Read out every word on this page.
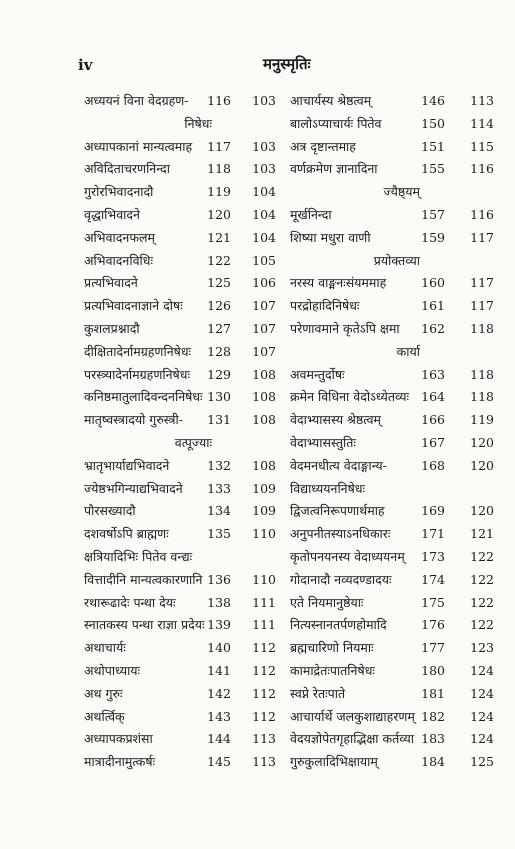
iv	मनुस्मृतिः
अध्ययनं विना वेदग्रहण-	116	103
निषेधः
अध्यापकानां मान्यत्वमाह	117	103
अविदिताचरणनिन्दा	118	103
गुरोरभिवादनादौ	119	104
वृद्धाभिवादने	120	104
अभिवादनफलम्	121	104
अभिवादनविधिः	122	105
प्रत्यभिवादने	125	106
प्रत्यभिवादनाज्ञाने दोषः	126	107
कुशलप्रश्नादौ	127	107
दीक्षितादेर्नामग्रहणनिषेधः	128	107
परस्त्र्यादेर्नामग्रहणनिषेधः	129	108
कनिष्ठमातुलादिवन्दननिषेधः 130	108
मातृष्वस्त्रादयो गुरुस्त्री-	131	108
वत्पूज्याः
भ्रातृभार्याद्यभिवादने	132	108
ज्येष्ठभगिन्याद्यभिवादने	133	109
पौरसख्यादौ	134	109
दशवर्षोऽपि ब्राह्मणः	135	110
क्षत्रियादिभिः पितेव वन्द्यः
वित्तादीनि मान्यत्वकारणानि 136	110
रथारूढादेः पन्था देयः	138	111
स्नातकस्य पन्था राज्ञा प्रदेयः 139	111
अथाचार्यः	140	112
अथोपाध्यायः	141	112
अथ गुरुः	142	112
अथर्त्विक्	143	112
अध्यापकप्रशंसा	144	113
मात्रादीनामुत्कर्षः	145	113
आचार्यस्य श्रेष्ठत्वम्	146	113
बालोऽप्याचार्यः पितेव	150	114
अत्र दृष्टान्तमाह	151	115
वर्णक्रमेण ज्ञानादिना	155	116
ज्यैष्ठ्यम्
मूर्खनिन्दा	157	116
शिष्या मधुरा वाणी	159	117
प्रयोक्तव्या
नरस्य वाङ्मनःसंयममाह	160	117
परद्रोहादिनिषेधः	161	117
परेणावमाने कृतेऽपि क्षमा	162	118
कार्या
अवमन्तुर्दोषः	163	118
क्रमेन विधिना वेदोऽध्येतव्यः 164	118
वेदाभ्यासस्य श्रेष्ठत्वम्	166	119
वेदाभ्यासस्तुतिः	167	120
वेदमनधीत्य वेदाङ्गान्य-	168	120
विद्याध्ययननिषेधः
द्विजत्वनिरूपणार्थमाह	169	120
अनुपनीतस्याऽनधिकारः	171	121
कृतोपनयनस्य वेदाध्ययनम्	173	122
गोदानादौ नव्यदण्डादयः	174	122
एते नियमानुष्ठेयाः	175	122
नित्यस्नानतर्पणहोमादि	176	122
ब्रह्मचारिणो नियमाः	177	123
कामाद्रेतःपातनिषेधः	180	124
स्वप्ने रेतःपाते	181	124
आचार्यार्थे जलकुशाद्याहरणम् 182	124
वेदयज्ञोपेतगृहाद्भिक्षा कर्तव्या 183	124
गुरुकुलादिभिक्षायाम्	184	125
